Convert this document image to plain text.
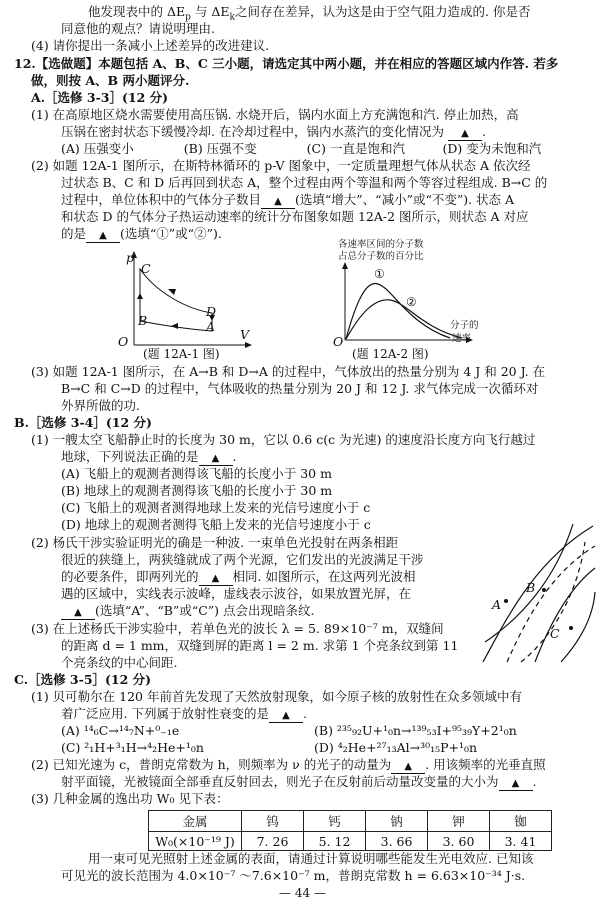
他发现表中的 $\Delta E_p$ 与 $\Delta E_k$之间存在差异，认为这是由于空气阻力造成的. 你是否
同意他的观点？请说明理由.
(4) 请你提出一条减小上述差异的改进建议.
12.【选做题】本题包括 A、B、C 三小题，请选定其中两小题，并在相应的答题区域内作答. 若多
做，则按 A、B 两小题评分.
A.［选修 3-3］(12 分)
(1) 在高原地区烧水需要使用高压锅. 水烧开后，锅内水面上方充满饱和汽. 停止加热，高
压锅在密封状态下缓慢冷却. 在冷却过程中，锅内水蒸汽的变化情况为 ▲ .
(A) 压强变小　　　　(B) 压强不变　　　　(C) 一直是饱和汽　　　(D) 变为未饱和汽
(2) 如题 12A-1 图所示，在斯特林循环的 p-V 图象中，一定质量理想气体从状态 A 依次经
过状态 B、C 和 D 后再回到状态 A，整个过程由两个等温和两个等容过程组成. B→C 的
过程中，单位体积中的气体分子数目 ▲ (选填“增大”、“减小”或“不变”). 状态 A
和状态 D 的气体分子热运动速率的统计分布图象如题 12A-2 图所示，则状态 A 对应
的是 ▲ (选填“①”或“②”).
p
V
O
C
B
D
A
(题 12A-1 图)
各速率区间的分子数
占总分子数的百分比
①
②
分子的
速率
O
(题 12A-2 图)
(3) 如题 12A-1 图所示，在 A→B 和 D→A 的过程中，气体放出的热量分别为 4 J 和 20 J. 在
B→C 和 C→D 的过程中，气体吸收的热量分别为 20 J 和 12 J. 求气体完成一次循环对
外界所做的功.
B.［选修 3-4］(12 分)
(1) 一艘太空飞船静止时的长度为 30 m，它以 0.6 c(c 为光速) 的速度沿长度方向飞行越过
地球，下列说法正确的是 ▲ .
(A) 飞船上的观测者测得该飞船的长度小于 30 m
(B) 地球上的观测者测得该飞船的长度小于 30 m
(C) 飞船上的观测者测得地球上发来的光信号速度小于 c
(D) 地球上的观测者测得飞船上发来的光信号速度小于 c
(2) 杨氏干涉实验证明光的确是一种波. 一束单色光投射在两条相距
很近的狭缝上，两狭缝就成了两个光源，它们发出的光波满足干涉
的必要条件，即两列光的 ▲ 相同. 如图所示，在这两列光波相
遇的区域中，实线表示波峰，虚线表示波谷，如果放置光屏，在
▲ (选填“A”、“B”或“C”) 点会出现暗条纹.
(3) 在上述杨氏干涉实验中，若单色光的波长 λ = 5. 89×10⁻⁷ m，双缝间
的距离 d = 1 mm，双缝到屏的距离 l = 2 m. 求第 1 个亮条纹到第 11
个亮条纹的中心间距.
A
B
C
C.［选修 3-5］(12 分)
(1) 贝可勒尔在 120 年前首先发现了天然放射现象，如今原子核的放射性在众多领域中有
着广泛应用. 下列属于放射性衰变的是 ▲ .
(A) ¹⁴₆C→¹⁴₇N+⁰₋₁e	(B) ²³⁵₉₂U+¹₀n→¹³⁹₅₃I+⁹⁵₃₉Y+2¹₀n
(C) ²₁H+³₁H→⁴₂He+¹₀n	(D) ⁴₂He+²⁷₁₃Al→³⁰₁₅P+¹₀n
(2) 已知光速为 c，普朗克常数为 h，则频率为 ν 的光子的动量为 ▲ . 用该频率的光垂直照
射平面镜，光被镜面全部垂直反射回去，则光子在反射前后动量改变量的大小为 ▲ .
(3) 几种金属的逸出功 W₀ 见下表：
金属	钨	钙	钠	钾	铷
W₀(×10⁻¹⁹ J)	7. 26	5. 12	3. 66	3. 60	3. 41
用一束可见光照射上述金属的表面，请通过计算说明哪些能发生光电效应. 已知该
可见光的波长范围为 4.0×10⁻⁷ ～7.6×10⁻⁷ m，普朗克常数 h = 6.63×10⁻³⁴ J·s.
— 44 —
